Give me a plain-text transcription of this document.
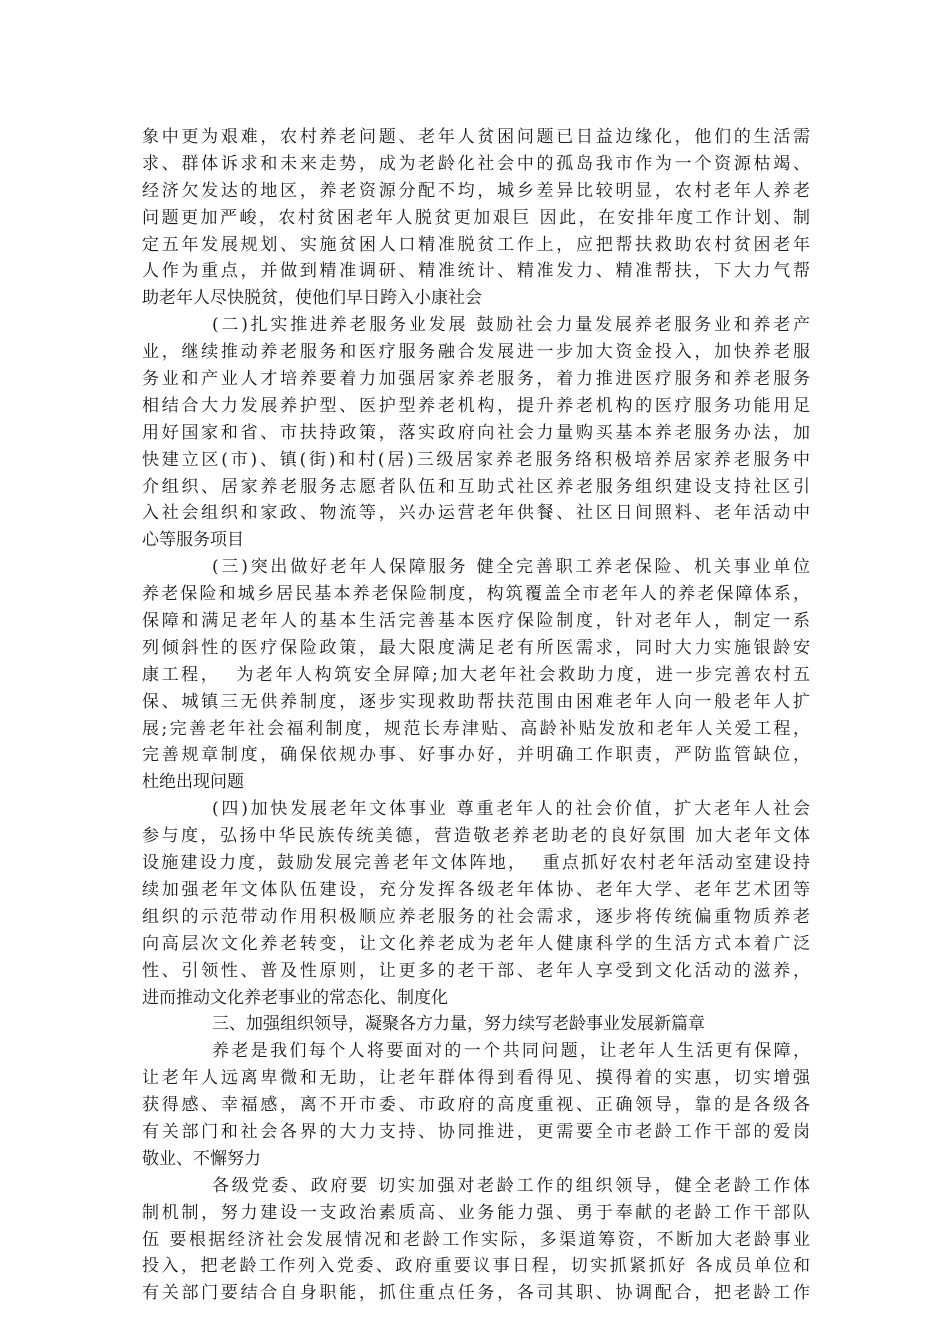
象中更为艰难，农村养老问题、老年人贫困问题已日益边缘化，他们的生活需
求、群体诉求和未来走势，成为老龄化社会中的孤岛我市作为一个资源枯竭、
经济欠发达的地区，养老资源分配不均，城乡差异比较明显，农村老年人养老
问题更加严峻，农村贫困老年人脱贫更加艰巨 因此，在安排年度工作计划、制
定五年发展规划、实施贫困人口精准脱贫工作上，应把帮扶救助农村贫困老年
人作为重点，并做到精准调研、精准统计、精准发力、精准帮扶，下大力气帮
助老年人尽快脱贫，使他们早日跨入小康社会
(二)扎实推进养老服务业发展 鼓励社会力量发展养老服务业和养老产
业，继续推动养老服务和医疗服务融合发展进一步加大资金投入，加快养老服
务业和产业人才培养要着力加强居家养老服务，着力推进医疗服务和养老服务
相结合大力发展养护型、医护型养老机构，提升养老机构的医疗服务功能用足
用好国家和省、市扶持政策，落实政府向社会力量购买基本养老服务办法，加
快建立区(市)、镇(街)和村(居)三级居家养老服务络积极培养居家养老服务中
介组织、居家养老服务志愿者队伍和互助式社区养老服务组织建设支持社区引
入社会组织和家政、物流等，兴办运营老年供餐、社区日间照料、老年活动中
心等服务项目
(三)突出做好老年人保障服务 健全完善职工养老保险、机关事业单位
养老保险和城乡居民基本养老保险制度，构筑覆盖全市老年人的养老保障体系，
保障和满足老年人的基本生活完善基本医疗保险制度，针对老年人，制定一系
列倾斜性的医疗保险政策，最大限度满足老有所医需求，同时大力实施银龄安
康工程，  为老年人构筑安全屏障;加大老年社会救助力度，进一步完善农村五
保、城镇三无供养制度，逐步实现救助帮扶范围由困难老年人向一般老年人扩
展;完善老年社会福利制度，规范长寿津贴、高龄补贴发放和老年人关爱工程，
完善规章制度，确保依规办事、好事办好，并明确工作职责，严防监管缺位，
杜绝出现问题
(四)加快发展老年文体事业 尊重老年人的社会价值，扩大老年人社会
参与度，弘扬中华民族传统美德，营造敬老养老助老的良好氛围 加大老年文体
设施建设力度，鼓励发展完善老年文体阵地，  重点抓好农村老年活动室建设持
续加强老年文体队伍建设，充分发挥各级老年体协、老年大学、老年艺术团等
组织的示范带动作用积极顺应养老服务的社会需求，逐步将传统偏重物质养老
向高层次文化养老转变，让文化养老成为老年人健康科学的生活方式本着广泛
性、引领性、普及性原则，让更多的老干部、老年人享受到文化活动的滋养，
进而推动文化养老事业的常态化、制度化
三、加强组织领导，凝聚各方力量，努力续写老龄事业发展新篇章
养老是我们每个人将要面对的一个共同问题，让老年人生活更有保障，
让老年人远离卑微和无助，让老年群体得到看得见、摸得着的实惠，切实增强
获得感、幸福感，离不开市委、市政府的高度重视、正确领导，靠的是各级各
有关部门和社会各界的大力支持、协同推进，更需要全市老龄工作干部的爱岗
敬业、不懈努力
各级党委、政府要 切实加强对老龄工作的组织领导，健全老龄工作体
制机制，努力建设一支政治素质高、业务能力强、勇于奉献的老龄工作干部队
伍 要根据经济社会发展情况和老龄工作实际，多渠道筹资，不断加大老龄事业
投入，把老龄工作列入党委、政府重要议事日程，切实抓紧抓好 各成员单位和
有关部门要结合自身职能，抓住重点任务，各司其职、协调配合，把老龄工作
